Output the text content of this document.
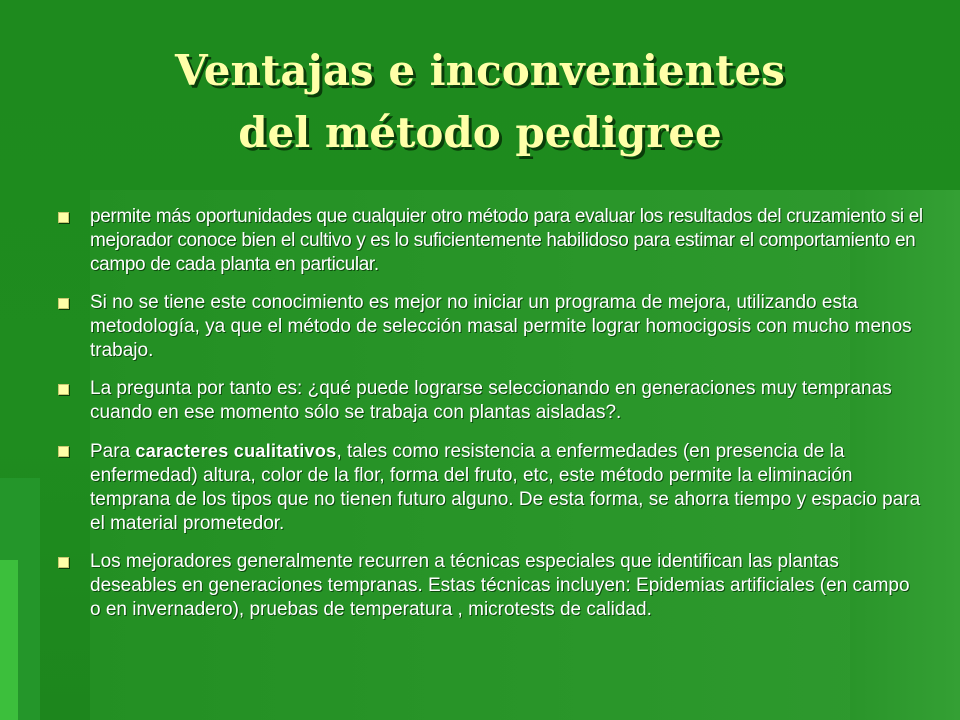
Ventajas e inconvenientes
del método pedigree
permite más oportunidades que cualquier otro método para evaluar los resultados del cruzamiento si el mejorador conoce bien el cultivo y es lo suficientemente habilidoso para estimar el comportamiento en campo de cada planta en particular.
Si no se tiene este conocimiento es mejor no iniciar un programa de mejora, utilizando esta metodología, ya que el método de selección masal permite lograr homocigosis con mucho menos trabajo.
La pregunta por tanto es: ¿qué puede lograrse seleccionando en generaciones muy tempranas cuando en ese momento sólo se trabaja con plantas aisladas?.
Para caracteres cualitativos, tales como resistencia a enfermedades (en presencia de la enfermedad) altura, color de la flor, forma del fruto, etc, este método permite la eliminación temprana de los tipos que no tienen futuro alguno. De esta forma, se ahorra tiempo y espacio para el material prometedor.
Los mejoradores generalmente recurren a técnicas especiales que identifican las plantas deseables en generaciones tempranas. Estas técnicas incluyen: Epidemias artificiales (en campo o en invernadero), pruebas de temperatura , microtests de calidad.
